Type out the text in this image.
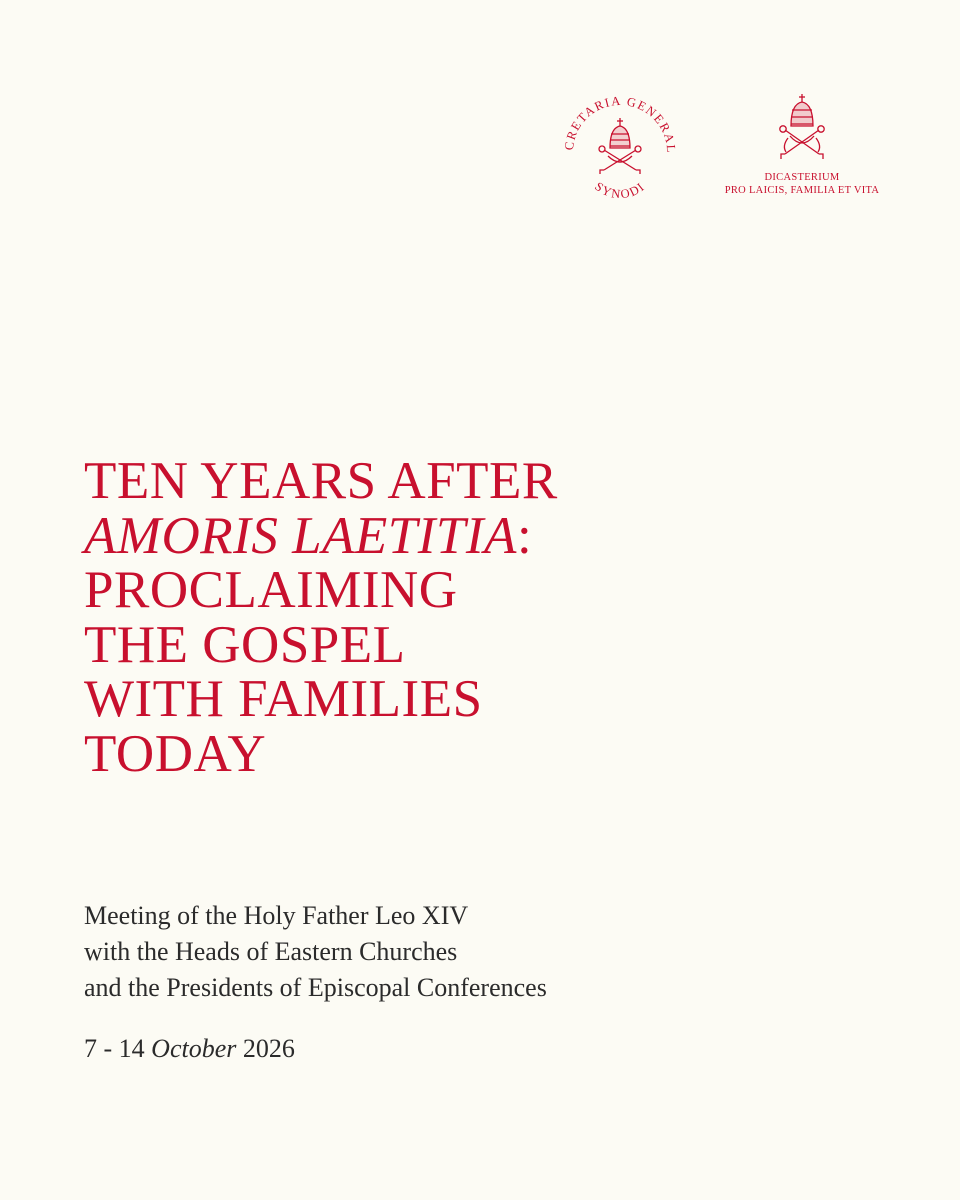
CRETARIA GENERAL
SYNODI
DICASTERIUM
PRO LAICIS, FAMILIA ET VITA
TEN YEARS AFTER
AMORIS LAETITIA:
PROCLAIMING
THE GOSPEL
WITH FAMILIES
TODAY
Meeting of the Holy Father Leo XIV
with the Heads of Eastern Churches
and the Presidents of Episcopal Conferences
7 - 14 October 2026
